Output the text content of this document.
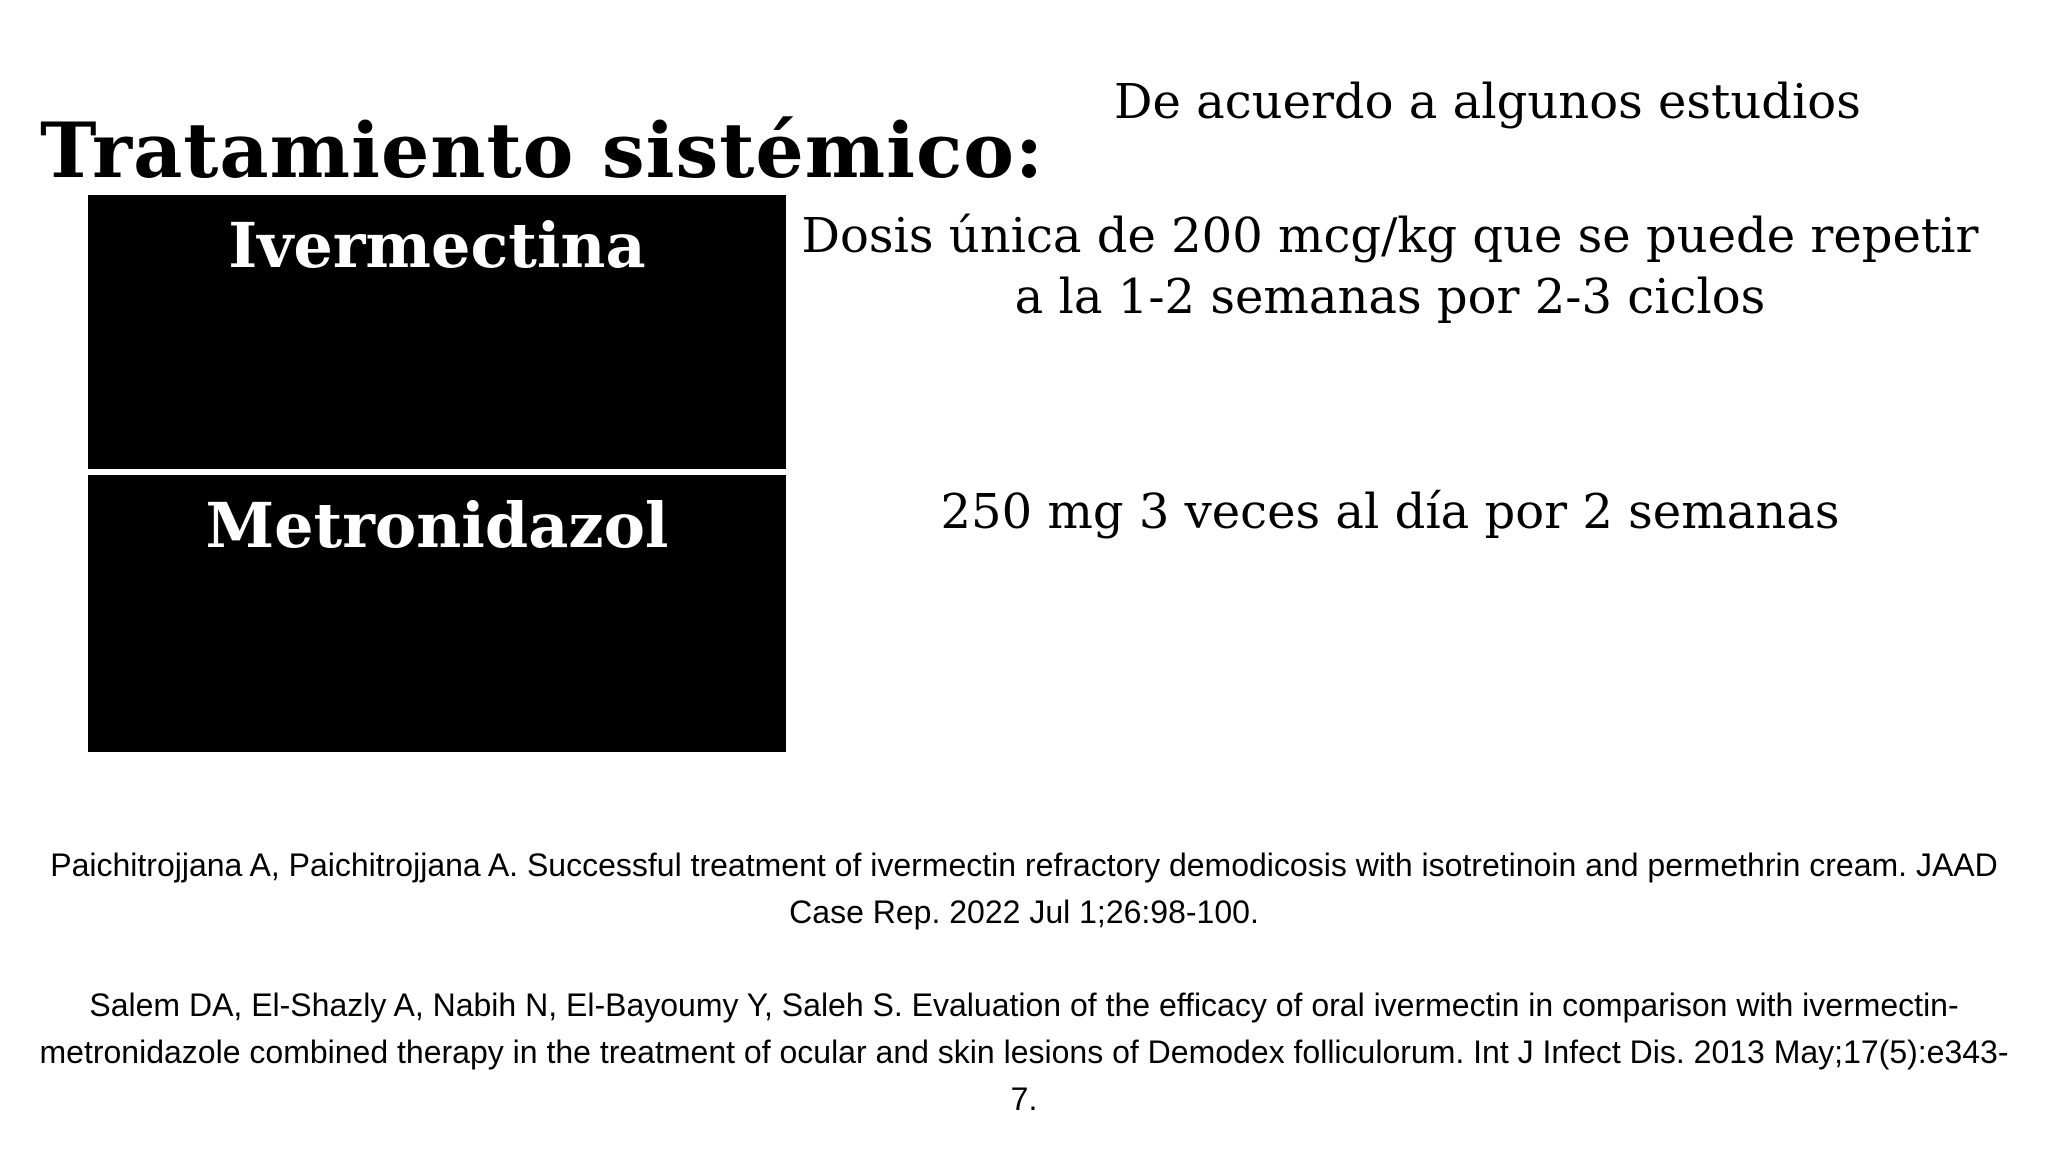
Tratamiento sistémico:
De acuerdo a algunos estudios
Ivermectina	Dosis única de 200 mcg/kg que se puede repetir a la 1-2 semanas por 2-3 ciclos
Metronidazol	250 mg 3 veces al día por 2 semanas

Paichitrojjana A, Paichitrojjana A. Successful treatment of ivermectin refractory demodicosis with isotretinoin and permethrin cream. JAAD Case Rep. 2022 Jul 1;26:98-100.

Salem DA, El-Shazly A, Nabih N, El-Bayoumy Y, Saleh S. Evaluation of the efficacy of oral ivermectin in comparison with ivermectin-metronidazole combined therapy in the treatment of ocular and skin lesions of Demodex folliculorum. Int J Infect Dis. 2013 May;17(5):e343-7.
